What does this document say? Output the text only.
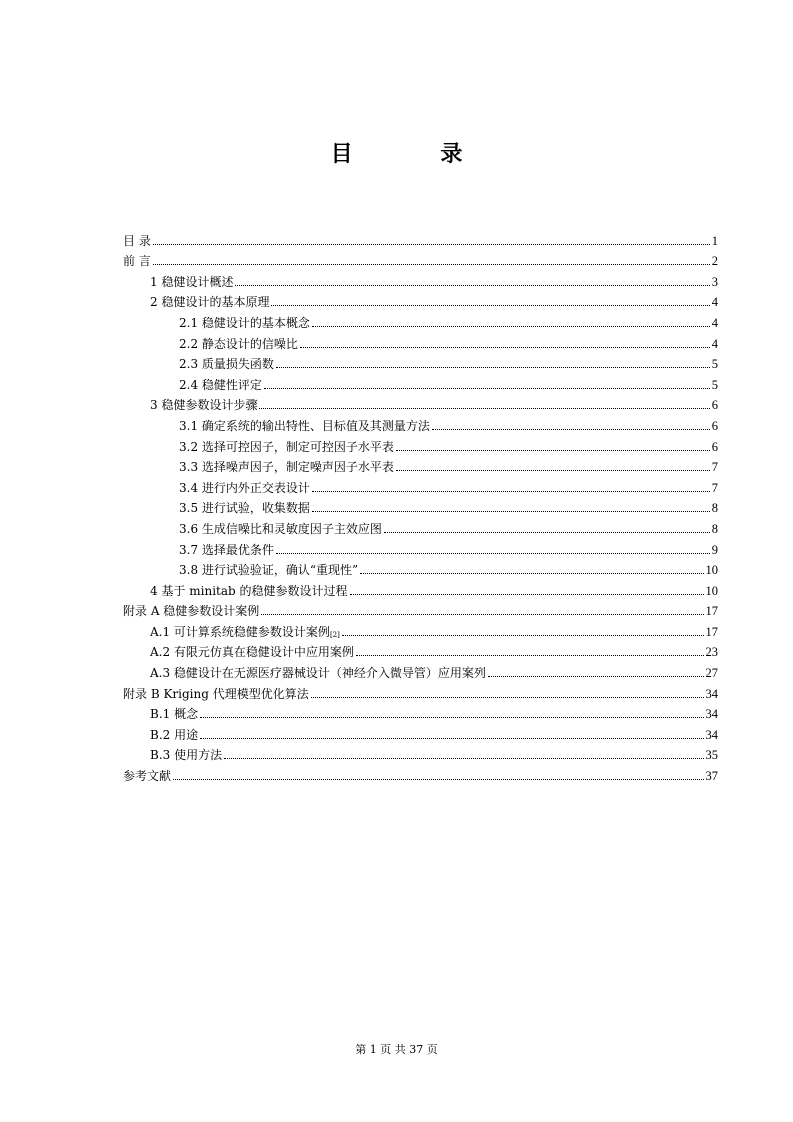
目 录
目 录	1
前 言	2
1 稳健设计概述	3
2 稳健设计的基本原理	4
2.1 稳健设计的基本概念	4
2.2 静态设计的信噪比	4
2.3 质量损失函数	5
2.4 稳健性评定	5
3 稳健参数设计步骤	6
3.1 确定系统的输出特性、目标值及其测量方法	6
3.2 选择可控因子，制定可控因子水平表	6
3.3 选择噪声因子，制定噪声因子水平表	7
3.4 进行内外正交表设计	7
3.5 进行试验，收集数据	8
3.6 生成信噪比和灵敏度因子主效应图	8
3.7 选择最优条件	9
3.8 进行试验验证，确认“重现性”	10
4 基于 minitab 的稳健参数设计过程	10
附录 A 稳健参数设计案例	17
A.1 可计算系统稳健参数设计案例$_{[2]}$	17
A.2 有限元仿真在稳健设计中应用案例	23
A.3 稳健设计在无源医疗器械设计（神经介入微导管）应用案列	27
附录 B Kriging 代理模型优化算法	34
B.1 概念	34
B.2 用途	34
B.3 使用方法	35
参考文献	37
第 1 页 共 37 页
